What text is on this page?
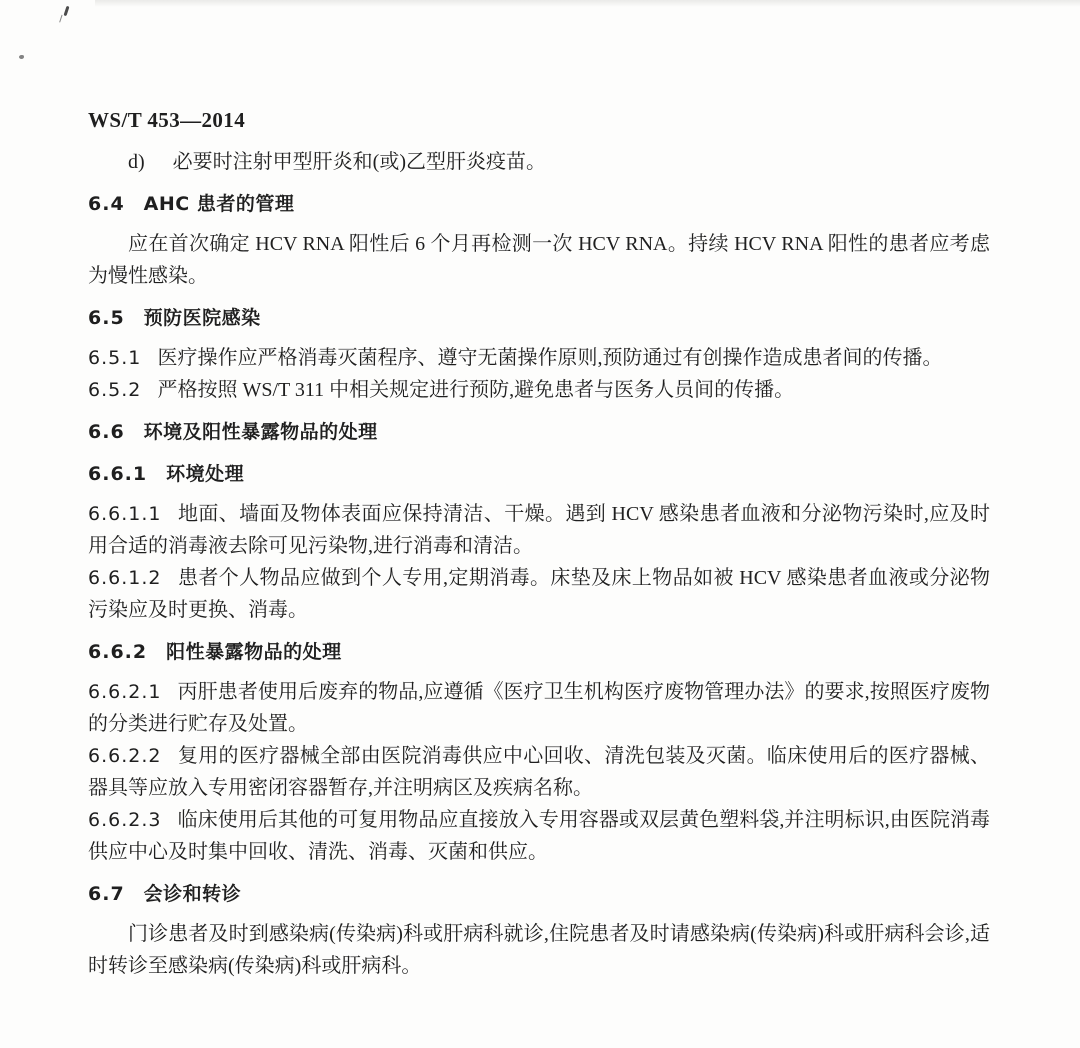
WS/T 453—2014
d) 必要时注射甲型肝炎和(或)乙型肝炎疫苗。
6.4 AHC 患者的管理

应在首次确定 HCV RNA 阳性后 6 个月再检测一次 HCV RNA。持续 HCV RNA 阳性的患者应考虑为慢性感染。

6.5 预防医院感染

6.5.1 医疗操作应严格消毒灭菌程序、遵守无菌操作原则,预防通过有创操作造成患者间的传播。

6.5.2 严格按照 WS/T 311 中相关规定进行预防,避免患者与医务人员间的传播。

6.6 环境及阳性暴露物品的处理
6.6.1 环境处理

6.6.1.1 地面、墙面及物体表面应保持清洁、干燥。遇到 HCV 感染患者血液和分泌物污染时,应及时用合适的消毒液去除可见污染物,进行消毒和清洁。

6.6.1.2 患者个人物品应做到个人专用,定期消毒。床垫及床上物品如被 HCV 感染患者血液或分泌物污染应及时更换、消毒。

6.6.2 阳性暴露物品的处理

6.6.2.1 丙肝患者使用后废弃的物品,应遵循《医疗卫生机构医疗废物管理办法》的要求,按照医疗废物的分类进行贮存及处置。

6.6.2.2 复用的医疗器械全部由医院消毒供应中心回收、清洗包装及灭菌。临床使用后的医疗器械、器具等应放入专用密闭容器暂存,并注明病区及疾病名称。

6.6.2.3 临床使用后其他的可复用物品应直接放入专用容器或双层黄色塑料袋,并注明标识,由医院消毒供应中心及时集中回收、清洗、消毒、灭菌和供应。

6.7 会诊和转诊

门诊患者及时到感染病(传染病)科或肝病科就诊,住院患者及时请感染病(传染病)科或肝病科会诊,适时转诊至感染病(传染病)科或肝病科。
